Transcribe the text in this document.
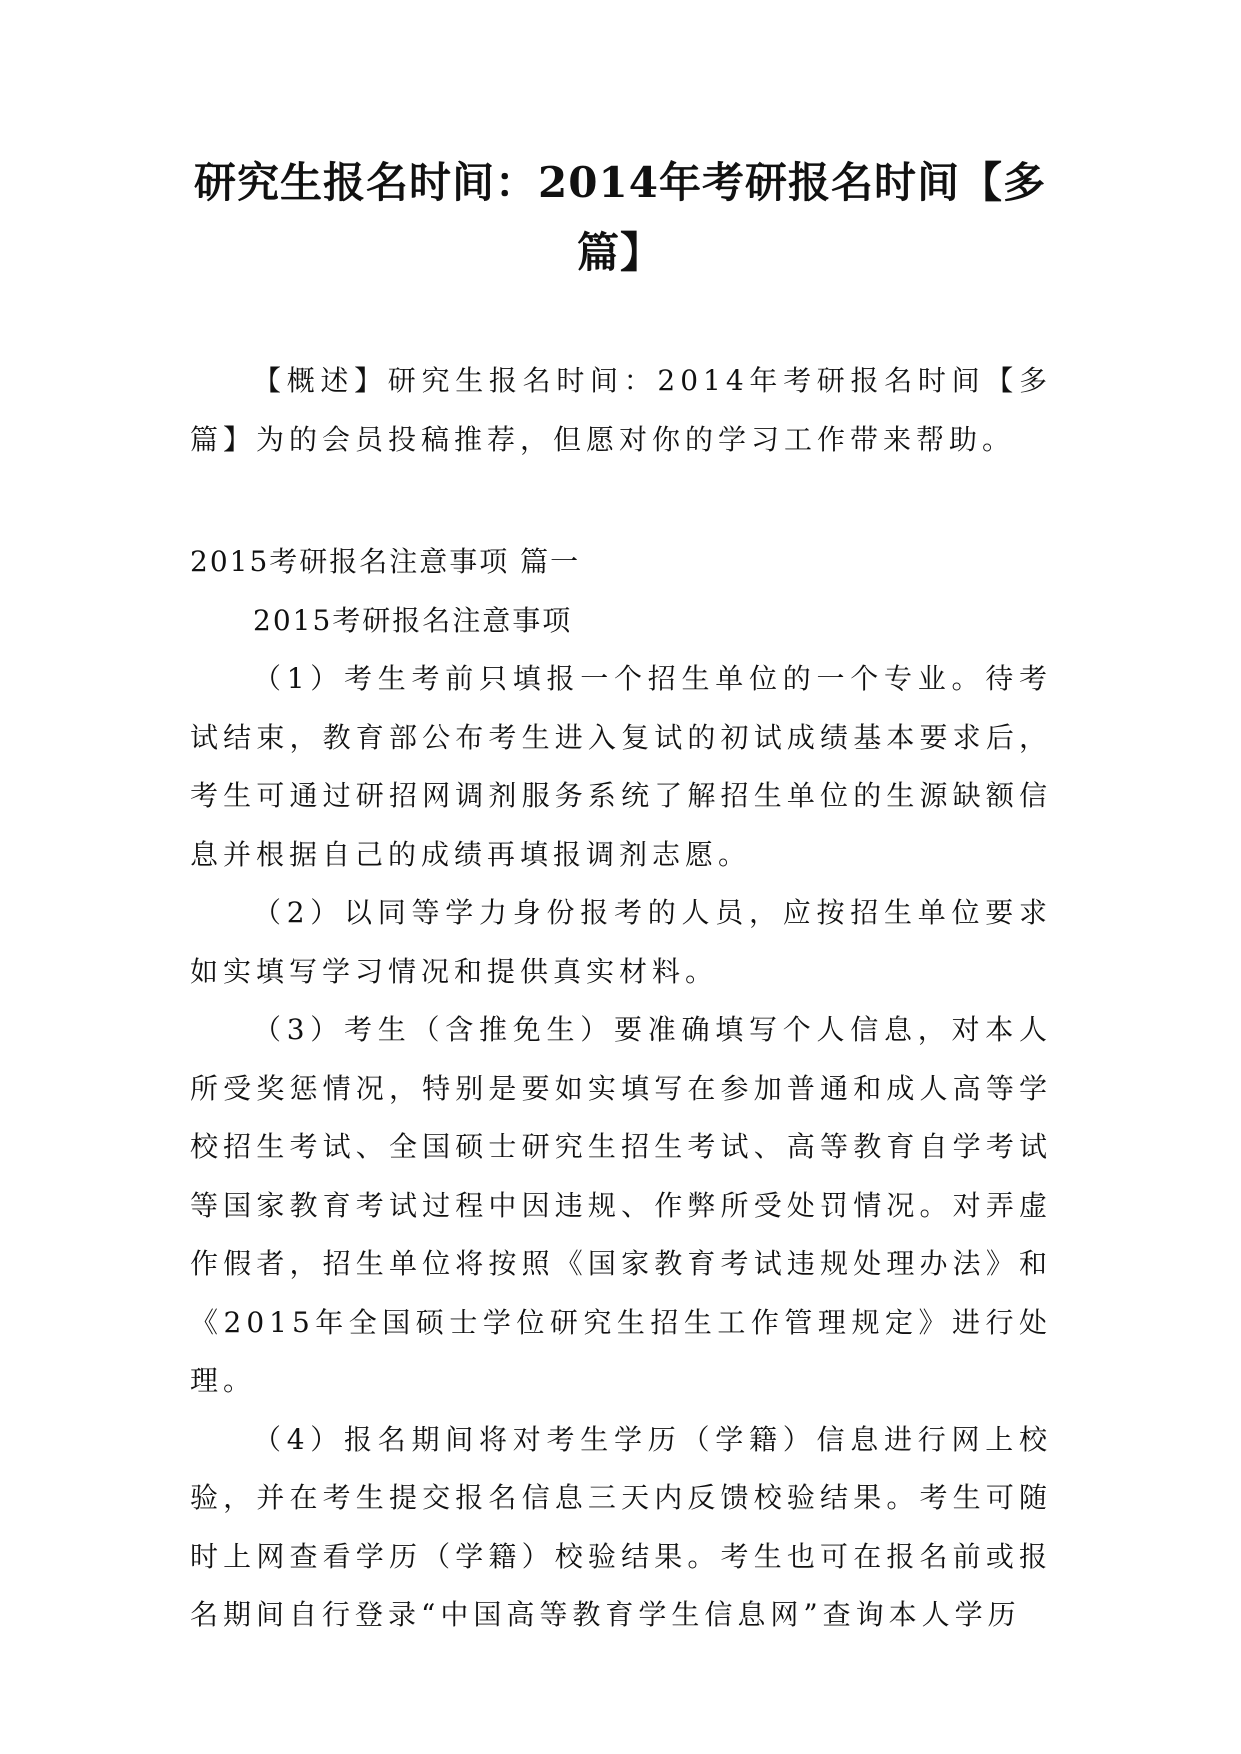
研究生报名时间：2014年考研报名时间【多篇】

【概述】研究生报名时间：2014年考研报名时间【多篇】为的会员投稿推荐，但愿对你的学习工作带来帮助。

2015考研报名注意事项 篇一

2015考研报名注意事项

（1）考生考前只填报一个招生单位的一个专业。待考试结束，教育部公布考生进入复试的初试成绩基本要求后，考生可通过研招网调剂服务系统了解招生单位的生源缺额信息并根据自己的成绩再填报调剂志愿。

（2）以同等学力身份报考的人员，应按招生单位要求如实填写学习情况和提供真实材料。

（3）考生（含推免生）要准确填写个人信息，对本人所受奖惩情况，特别是要如实填写在参加普通和成人高等学校招生考试、全国硕士研究生招生考试、高等教育自学考试等国家教育考试过程中因违规、作弊所受处罚情况。对弄虚作假者，招生单位将按照《国家教育考试违规处理办法》和《2015年全国硕士学位研究生招生工作管理规定》进行处理。

（4）报名期间将对考生学历（学籍）信息进行网上校验，并在考生提交报名信息三天内反馈校验结果。考生可随时上网查看学历（学籍）校验结果。考生也可在报名前或报名期间自行登录“中国高等教育学生信息网”查询本人学历
